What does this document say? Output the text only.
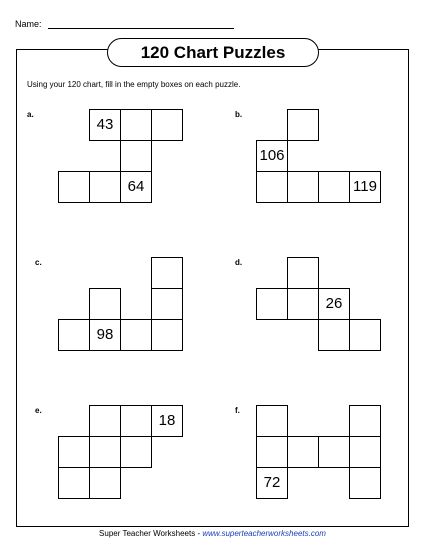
Name:
120 Chart Puzzles
Using your 120 chart, fill in the empty boxes on each puzzle.
a.
43
64
b.
106
119
c.
98
d.
26
e.
18
f.
72
Super Teacher Worksheets - www.superteacherworksheets.com
